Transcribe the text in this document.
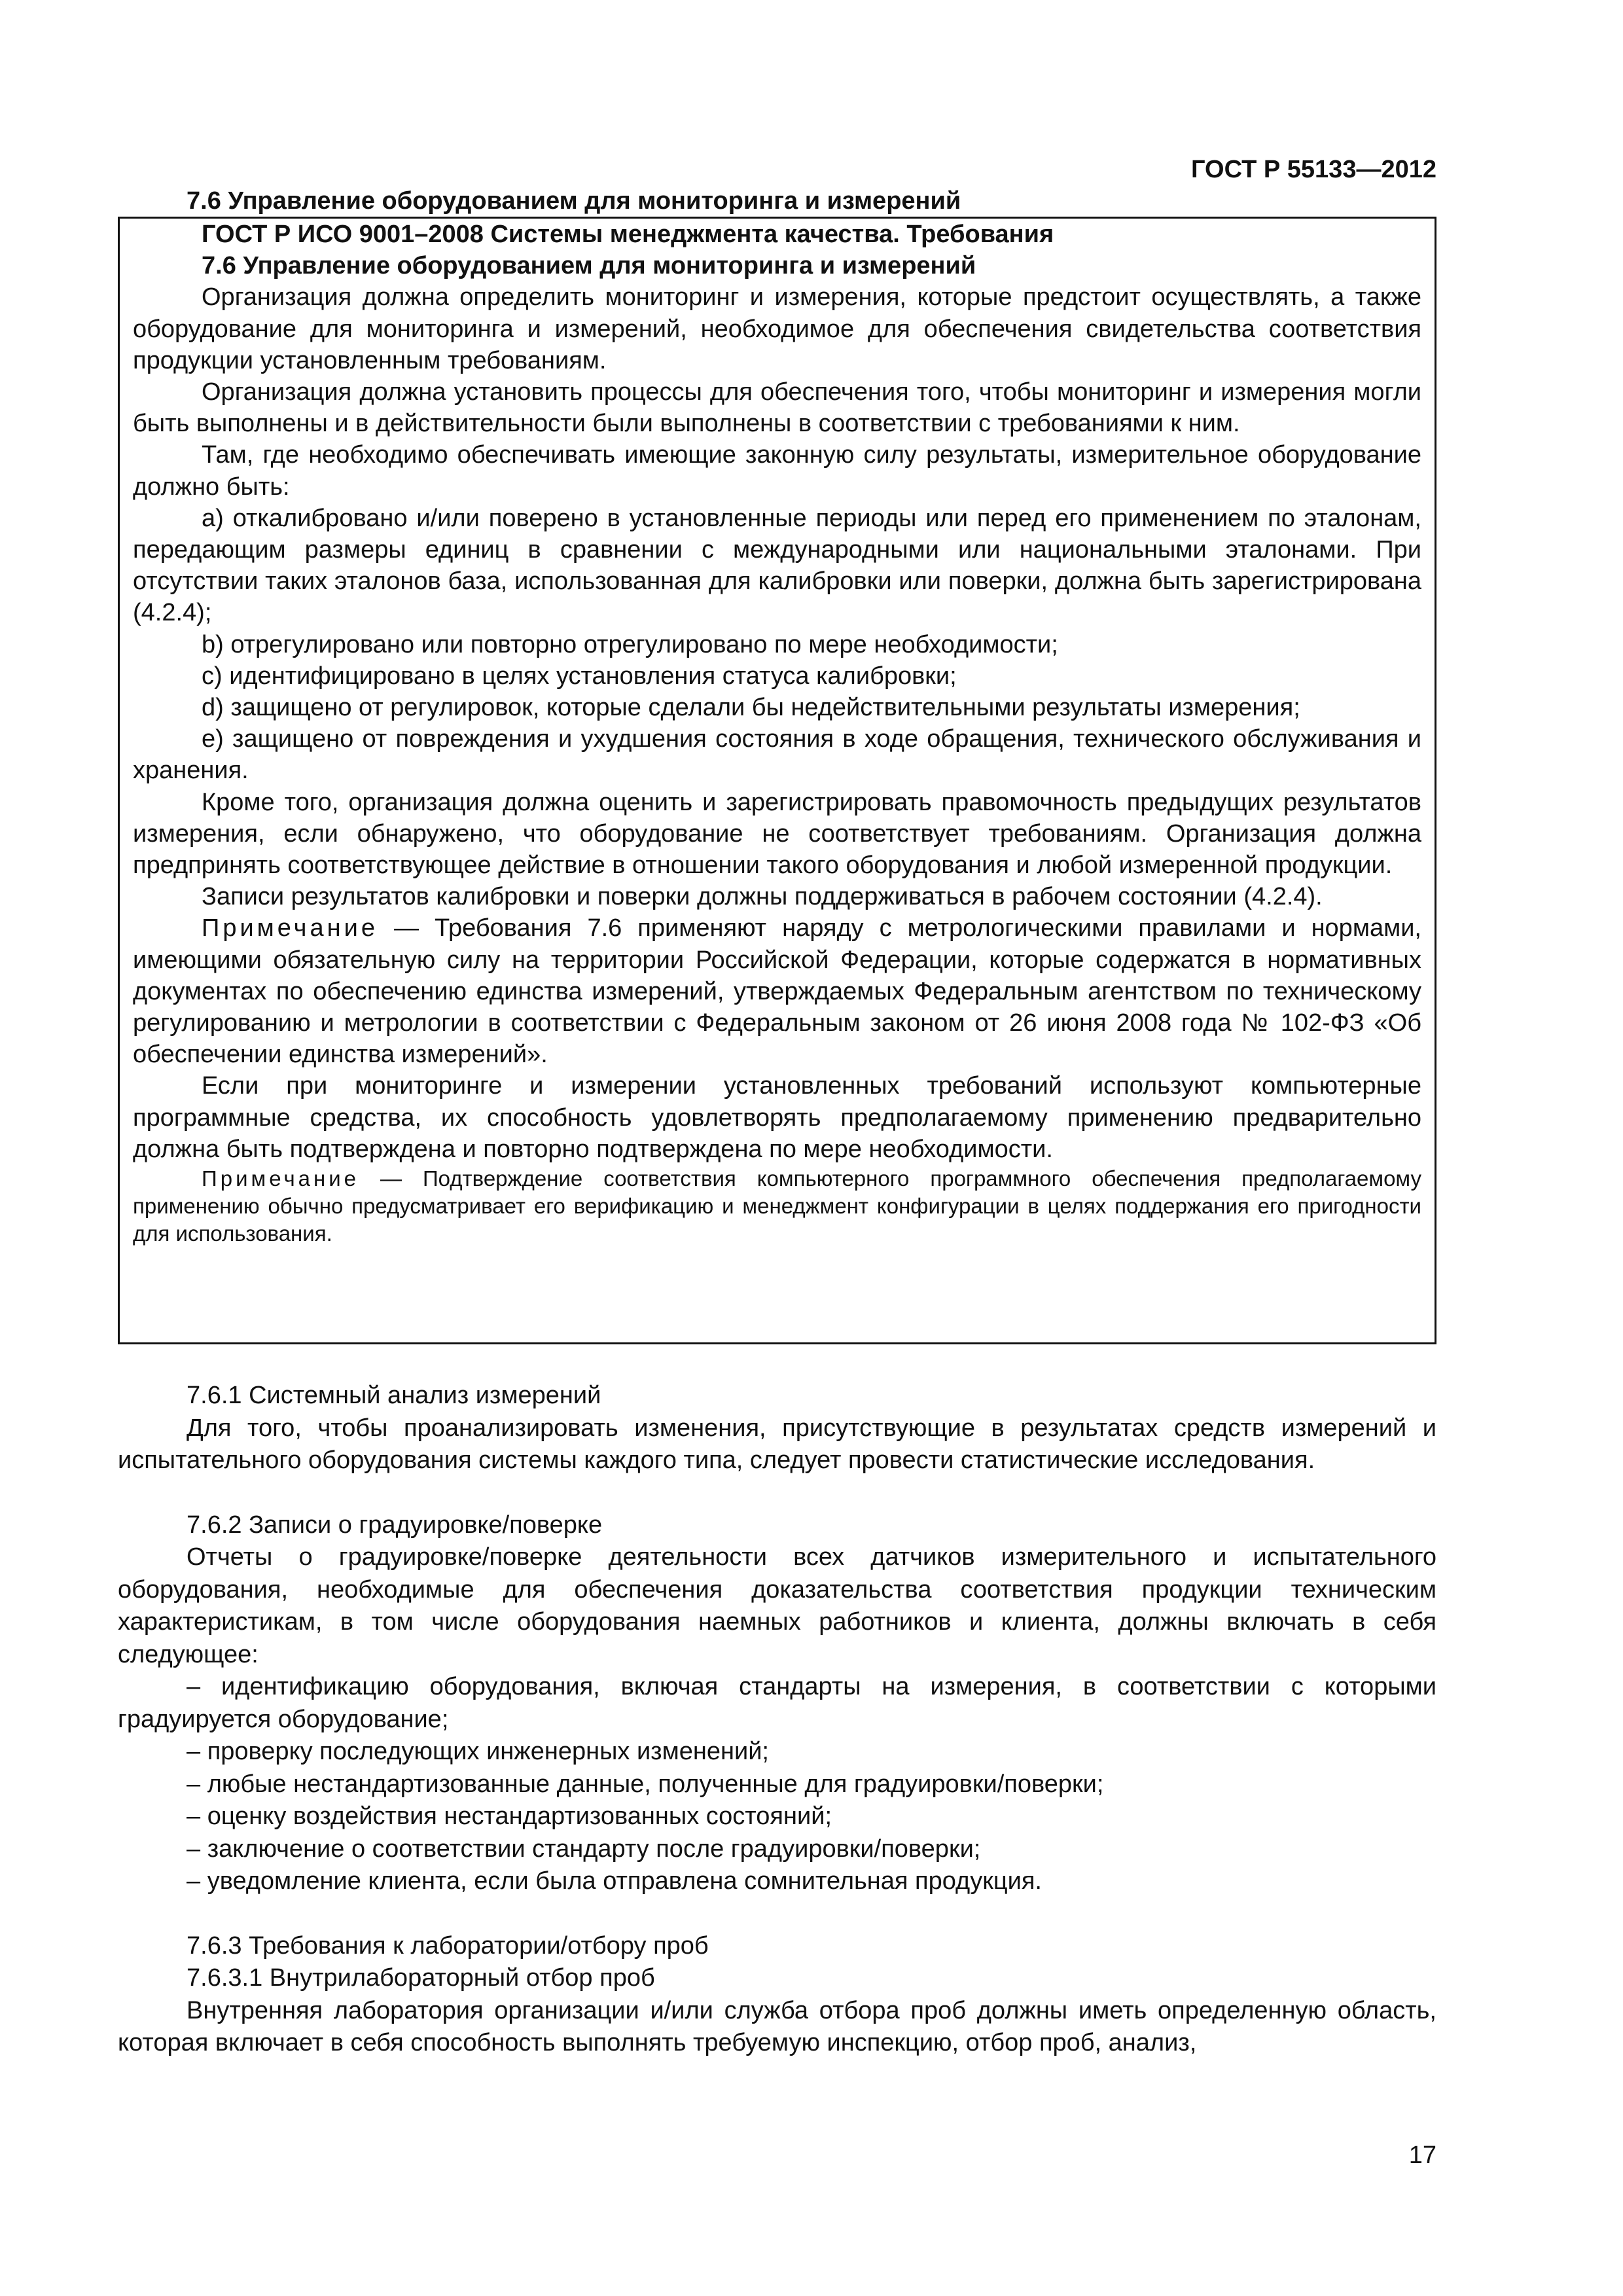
ГОСТ Р 55133—2012
7.6 Управление оборудованием для мониторинга и измерений

ГОСТ Р ИСО 9001–2008 Системы менеджмента качества. Требования

7.6 Управление оборудованием для мониторинга и измерений

Организация должна определить мониторинг и измерения, которые предстоит осуществлять, а также оборудование для мониторинга и измерений, необходимое для обеспечения свидетельства соответствия продукции установленным требованиям.

Организация должна установить процессы для обеспечения того, чтобы мониторинг и измерения могли быть выполнены и в действительности были выполнены в соответствии с требованиями к ним.

Там, где необходимо обеспечивать имеющие законную силу результаты, измерительное оборудование должно быть:

a) откалибровано и/или поверено в установленные периоды или перед его применением по эталонам, передающим размеры единиц в сравнении с международными или национальными эталонами. При отсутствии таких эталонов база, использованная для калибровки или поверки, должна быть зарегистрирована (4.2.4);

b) отрегулировано или повторно отрегулировано по мере необходимости;

c) идентифицировано в целях установления статуса калибровки;

d) защищено от регулировок, которые сделали бы недействительными результаты измерения;

e) защищено от повреждения и ухудшения состояния в ходе обращения, технического обслуживания и хранения.

Кроме того, организация должна оценить и зарегистрировать правомочность предыдущих результатов измерения, если обнаружено, что оборудование не соответствует требованиям. Организация должна предпринять соответствующее действие в отношении такого оборудования и любой измеренной продукции.

Записи результатов калибровки и поверки должны поддерживаться в рабочем состоянии (4.2.4).

Примечание — Требования 7.6 применяют наряду с метрологическими правилами и нормами, имеющими обязательную силу на территории Российской Федерации, которые содержатся в нормативных документах по обеспечению единства измерений, утверждаемых Федеральным агентством по техническому регулированию и метрологии в соответствии с Федеральным законом от 26 июня 2008 года № 102-ФЗ «Об обеспечении единства измерений».

Если при мониторинге и измерении установленных требований используют компьютерные программные средства, их способность удовлетворять предполагаемому применению предварительно должна быть подтверждена и повторно подтверждена по мере необходимости.

Примечание — Подтверждение соответствия компьютерного программного обеспечения предполагаемому применению обычно предусматривает его верификацию и менеджмент конфигурации в целях поддержания его пригодности для использования.

7.6.1 Системный анализ измерений

Для того, чтобы проанализировать изменения, присутствующие в результатах средств измерений и испытательного оборудования системы каждого типа, следует провести статистические исследования.

7.6.2 Записи о градуировке/поверке

Отчеты о градуировке/поверке деятельности всех датчиков измерительного и испытательного оборудования, необходимые для обеспечения доказательства соответствия продукции техническим характеристикам, в том числе оборудования наемных работников и клиента, должны включать в себя следующее:

– идентификацию оборудования, включая стандарты на измерения, в соответствии с которыми градуируется оборудование;

– проверку последующих инженерных изменений;

– любые нестандартизованные данные, полученные для градуировки/поверки;

– оценку воздействия нестандартизованных состояний;

– заключение о соответствии стандарту после градуировки/поверки;

– уведомление клиента, если была отправлена сомнительная продукция.

7.6.3 Требования к лаборатории/отбору проб

7.6.3.1 Внутрилабораторный отбор проб

Внутренняя лаборатория организации и/или служба отбора проб должны иметь определенную область, которая включает в себя способность выполнять требуемую инспекцию, отбор проб, анализ,

17
